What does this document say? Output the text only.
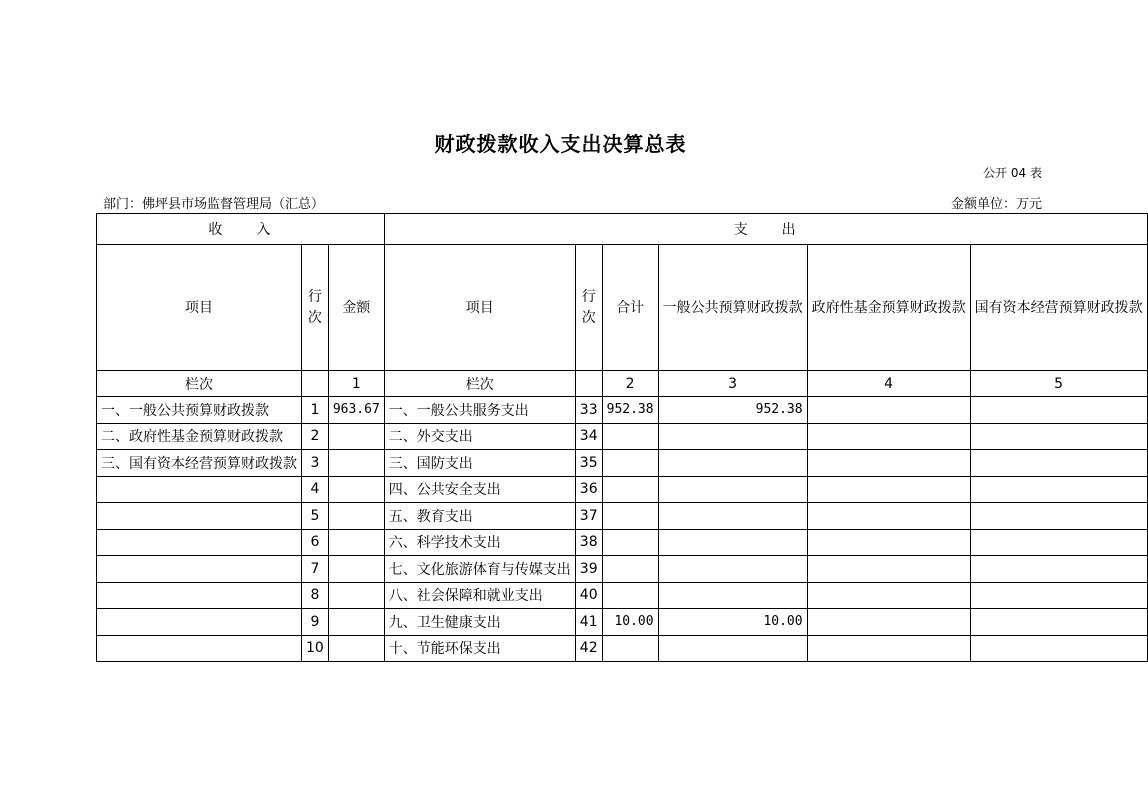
财政拨款收入支出决算总表
公开 04 表
部门：佛坪县市场监督管理局（汇总）	金额单位：万元
收　　入			支　　出					
项目	行次	金额	项目	行次	合计	一般公共预算财政拨款	政府性基金预算财政拨款	国有资本经营预算财政拨款
栏次		1	栏次		2	3	4	5
一、一般公共预算财政拨款	1	963.67	一、一般公共服务支出	33	952.38	952.38		
二、政府性基金预算财政拨款	2		二、外交支出	34				
三、国有资本经营预算财政拨款	3		三、国防支出	35				
	4		四、公共安全支出	36				
	5		五、教育支出	37				
	6		六、科学技术支出	38				
	7		七、文化旅游体育与传媒支出	39				
	8		八、社会保障和就业支出	40				
	9		九、卫生健康支出	41	10.00	10.00		
	10		十、节能环保支出	42				
